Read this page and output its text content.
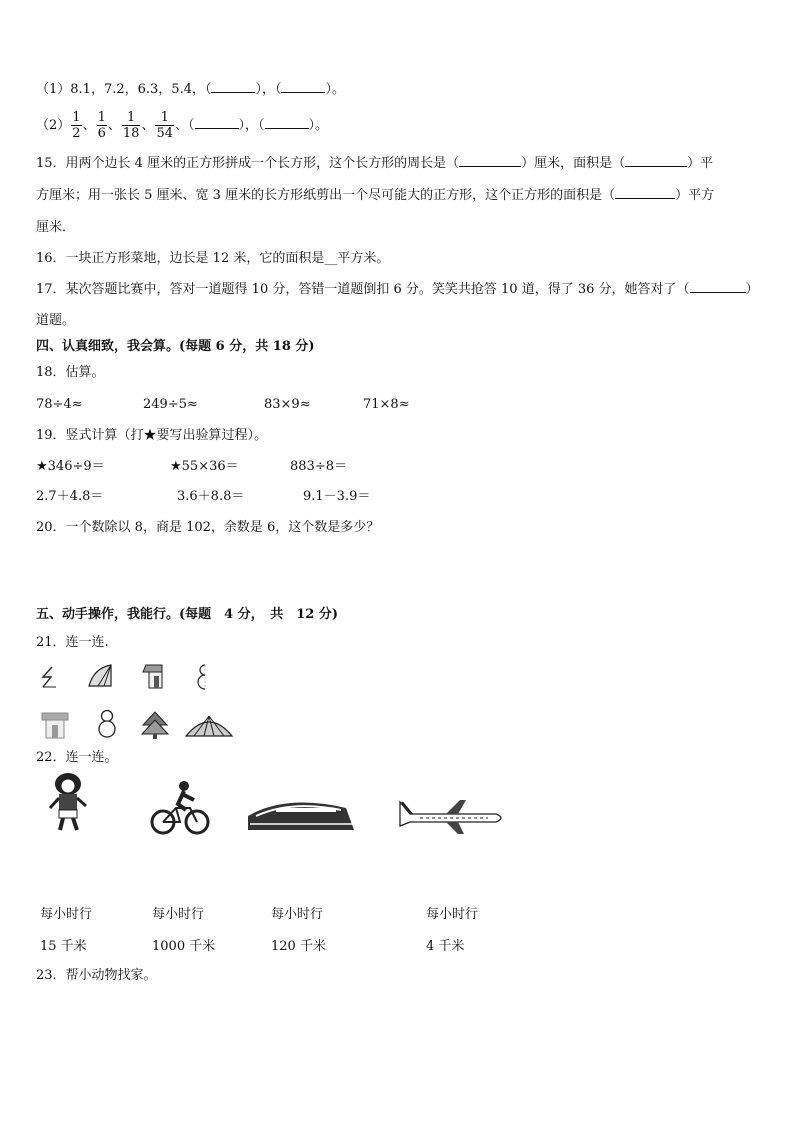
（1）8.1，7.2，6.3，5.4，（	），（	）。
$(2) \frac{1}{2}$ 、 $\frac{1}{6}$ 、 $\frac{1}{18}$ 、 $\frac{1}{54}$ 、（	），（	）。
15．用两个边长 4 厘米的正方形拼成一个长方形，这个长方形的周长是（	）厘米，面积是（	）平
方厘米；用一张长 5 厘米、宽 3 厘米的长方形纸剪出一个尽可能大的正方形，这个正方形的面积是（	）平方
厘米．
16．一块正方形菜地，边长是 12 米，它的面积是__平方米。
17．某次答题比赛中，答对一道题得 10 分，答错一道题倒扣 6 分。笑笑共抢答 10 道，得了 36 分，她答对了（	）
道题。
四、认真细致，我会算。(每题 6 分，共 18 分)
18．估算。
78÷4≈	249÷5≈	83×9≈	71×8≈
19．竖式计算（打★要写出验算过程）。
★346÷9＝	★55×36＝	883÷8＝
2.7＋4.8＝	3.6＋8.8＝	9.1－3.9＝
20．一个数除以 8，商是 102，余数是 6，这个数是多少？
五、动手操作，我能行。(每题　4 分，　共　12 分)
21．连一连.
22．连一连。
每小时行
15 千米
每小时行
1000 千米
每小时行
120 千米
每小时行
4 千米
23．帮小动物找家。
